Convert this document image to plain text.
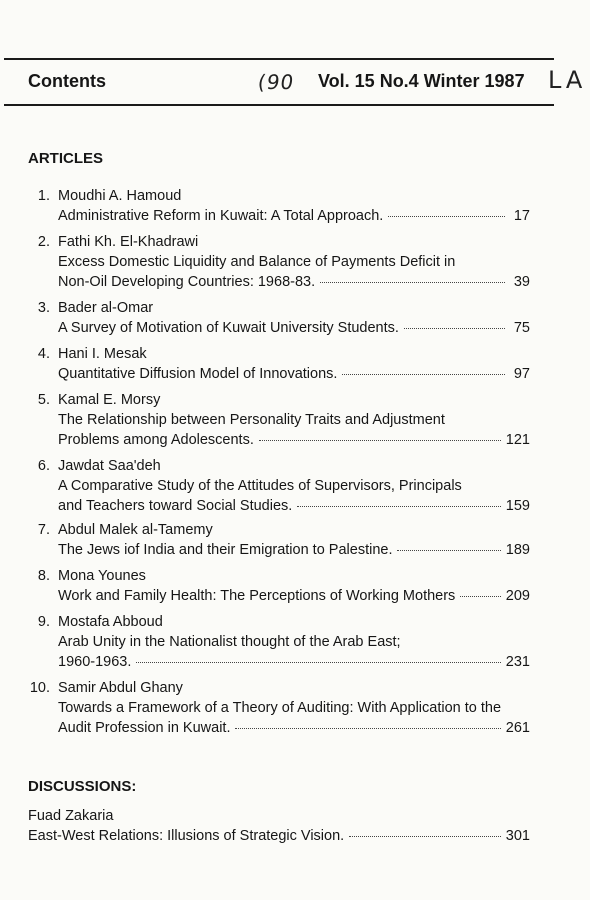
Contents	(90 Vol. 15 No.4 Winter 1987 LA
ARTICLES
1. Moudhi A. Hamoud
Administrative Reform in Kuwait: A Total Approach.	17
2. Fathi Kh. El-Khadrawi
Excess Domestic Liquidity and Balance of Payments Deficit in
Non-Oil Developing Countries: 1968-83.	39
3. Bader al-Omar
A Survey of Motivation of Kuwait University Students.	75
4. Hani I. Mesak
Quantitative Diffusion Model of Innovations.	97
5. Kamal E. Morsy
The Relationship between Personality Traits and Adjustment
Problems among Adolescents.	121
6. Jawdat Saa'deh
A Comparative Study of the Attitudes of Supervisors, Principals
and Teachers toward Social Studies.	159
7. Abdul Malek al-Tamemy
The Jews iof India and their Emigration to Palestine.	189
8. Mona Younes
Work and Family Health: The Perceptions of Working Mothers	209
9. Mostafa Abboud
Arab Unity in the Nationalist thought of the Arab East;
1960-1963.	231
10. Samir Abdul Ghany
Towards a Framework of a Theory of Auditing: With Application to the
Audit Profession in Kuwait.	261
DISCUSSIONS:
Fuad Zakaria
East-West Relations: Illusions of Strategic Vision.	301
